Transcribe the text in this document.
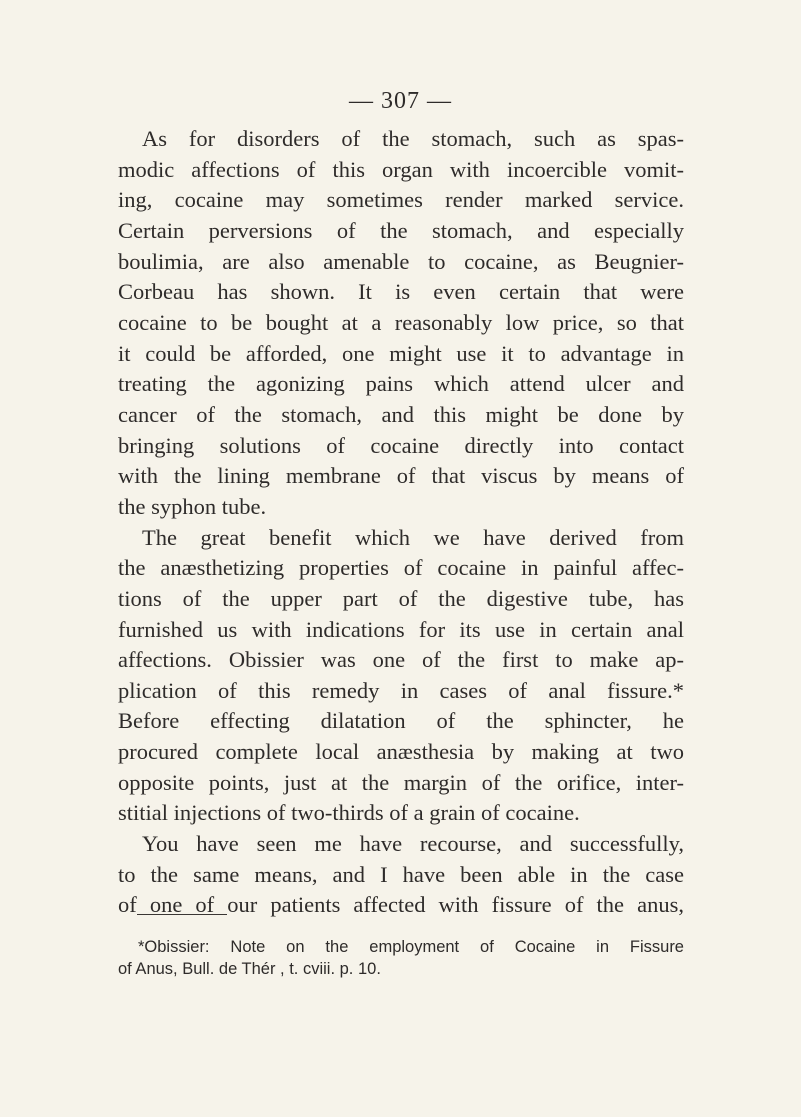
— 307 —
As for disorders of the stomach, such as spas-
modic affections of this organ with incoercible vomit-
ing, cocaine may sometimes render marked service.
Certain perversions of the stomach, and especially
boulimia, are also amenable to cocaine, as Beugnier-
Corbeau has shown. It is even certain that were
cocaine to be bought at a reasonably low price, so that
it could be afforded, one might use it to advantage in
treating the agonizing pains which attend ulcer and
cancer of the stomach, and this might be done by
bringing solutions of cocaine directly into contact
with the lining membrane of that viscus by means of
the syphon tube.
The great benefit which we have derived from
the anæsthetizing properties of cocaine in painful affec-
tions of the upper part of the digestive tube, has
furnished us with indications for its use in certain anal
affections. Obissier was one of the first to make ap-
plication of this remedy in cases of anal fissure.*
Before effecting dilatation of the sphincter, he
procured complete local anæsthesia by making at two
opposite points, just at the margin of the orifice, inter-
stitial injections of two-thirds of a grain of cocaine.
You have seen me have recourse, and successfully,
to the same means, and I have been able in the case
of one of our patients affected with fissure of the anus,
*Obissier: Note on the employment of Cocaine in Fissure
of Anus, Bull. de Thér , t. cviii. p. 10.
